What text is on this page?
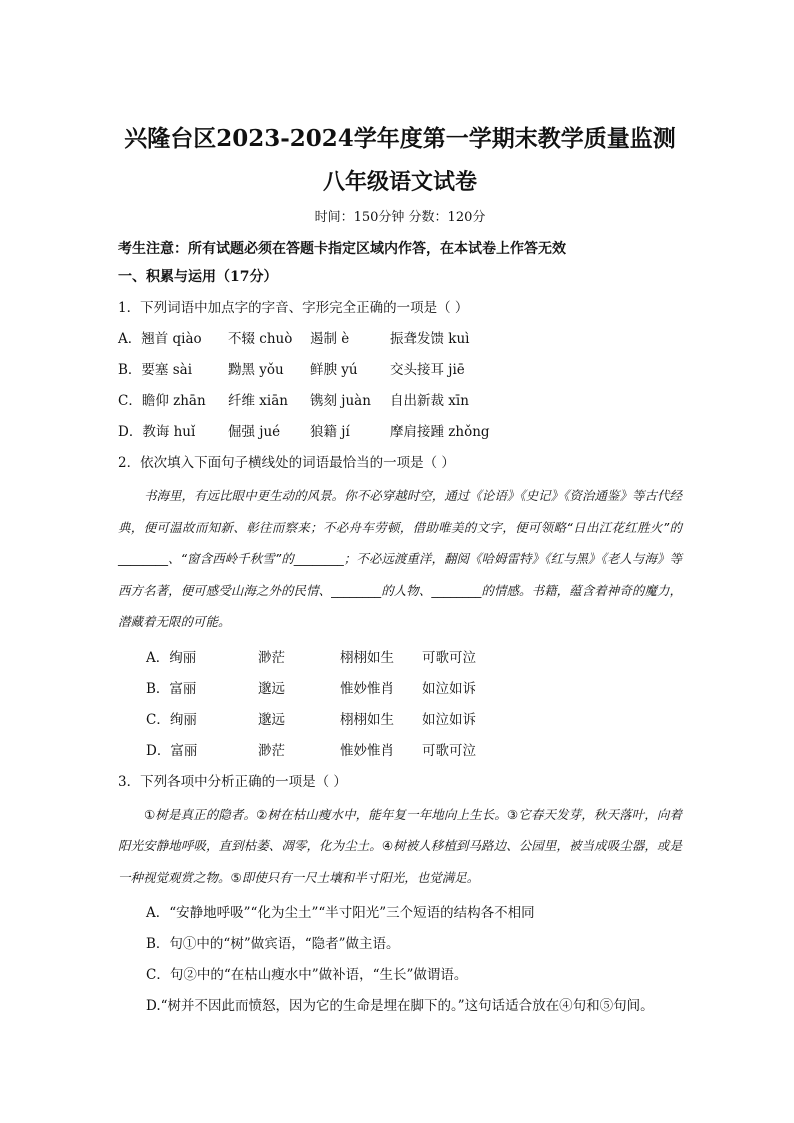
兴隆台区2023-2024学年度第一学期末教学质量监测
八年级语文试卷
时间：150分钟 分数：120分
考生注意：所有试题必须在答题卡指定区域内作答，在本试卷上作答无效
一、积累与运用（17分）
1．下列词语中加点字的字音、字形完全正确的一项是（ ）
A．翘首 qiào	不辍 chuò	遏制 è	振聋发馈 kuì
B．要塞 sài	黝黑 yǒu	鲜腴 yú	交头接耳 jiē
C．瞻仰 zhān	纤维 xiān	镌刻 juàn	自出新裁 xīn
D．教诲 huǐ	倔强 jué	狼籍 jí	摩肩接踵 zhǒng
2．依次填入下面句子横线处的词语最恰当的一项是（ ）
书海里，有远比眼中更生动的风景。你不必穿越时空，通过《论语》《史记》《资治通鉴》等古代经典，便可温故而知新、彰往而察来；不必舟车劳顿，借助唯美的文字，便可领略“日出江花红胜火”的________、“窗含西岭千秋雪”的________；不必远渡重洋，翻阅《哈姆雷特》《红与黑》《老人与海》等西方名著，便可感受山海之外的民情、________的人物、________的情感。书籍，蕴含着神奇的魔力，潜藏着无限的可能。
A．绚丽	渺茫	栩栩如生	可歌可泣
B．富丽	邈远	惟妙惟肖	如泣如诉
C．绚丽	邈远	栩栩如生	如泣如诉
D．富丽	渺茫	惟妙惟肖	可歌可泣
3．下列各项中分析正确的一项是（ ）
①树是真正的隐者。②树在枯山瘦水中，能年复一年地向上生长。③它春天发芽，秋天落叶，向着阳光安静地呼吸，直到枯萎、凋零，化为尘土。④树被人移植到马路边、公园里，被当成吸尘器，或是一种视觉观赏之物。⑤即使只有一尺土壤和半寸阳光，也觉满足。
A．“安静地呼吸”“化为尘土”“半寸阳光”三个短语的结构各不相同
B．句①中的“树”做宾语，“隐者”做主语。
C．句②中的“在枯山瘦水中”做补语，“生长”做谓语。
D.“树并不因此而愤怒，因为它的生命是埋在脚下的。”这句话适合放在④句和⑤句间。
